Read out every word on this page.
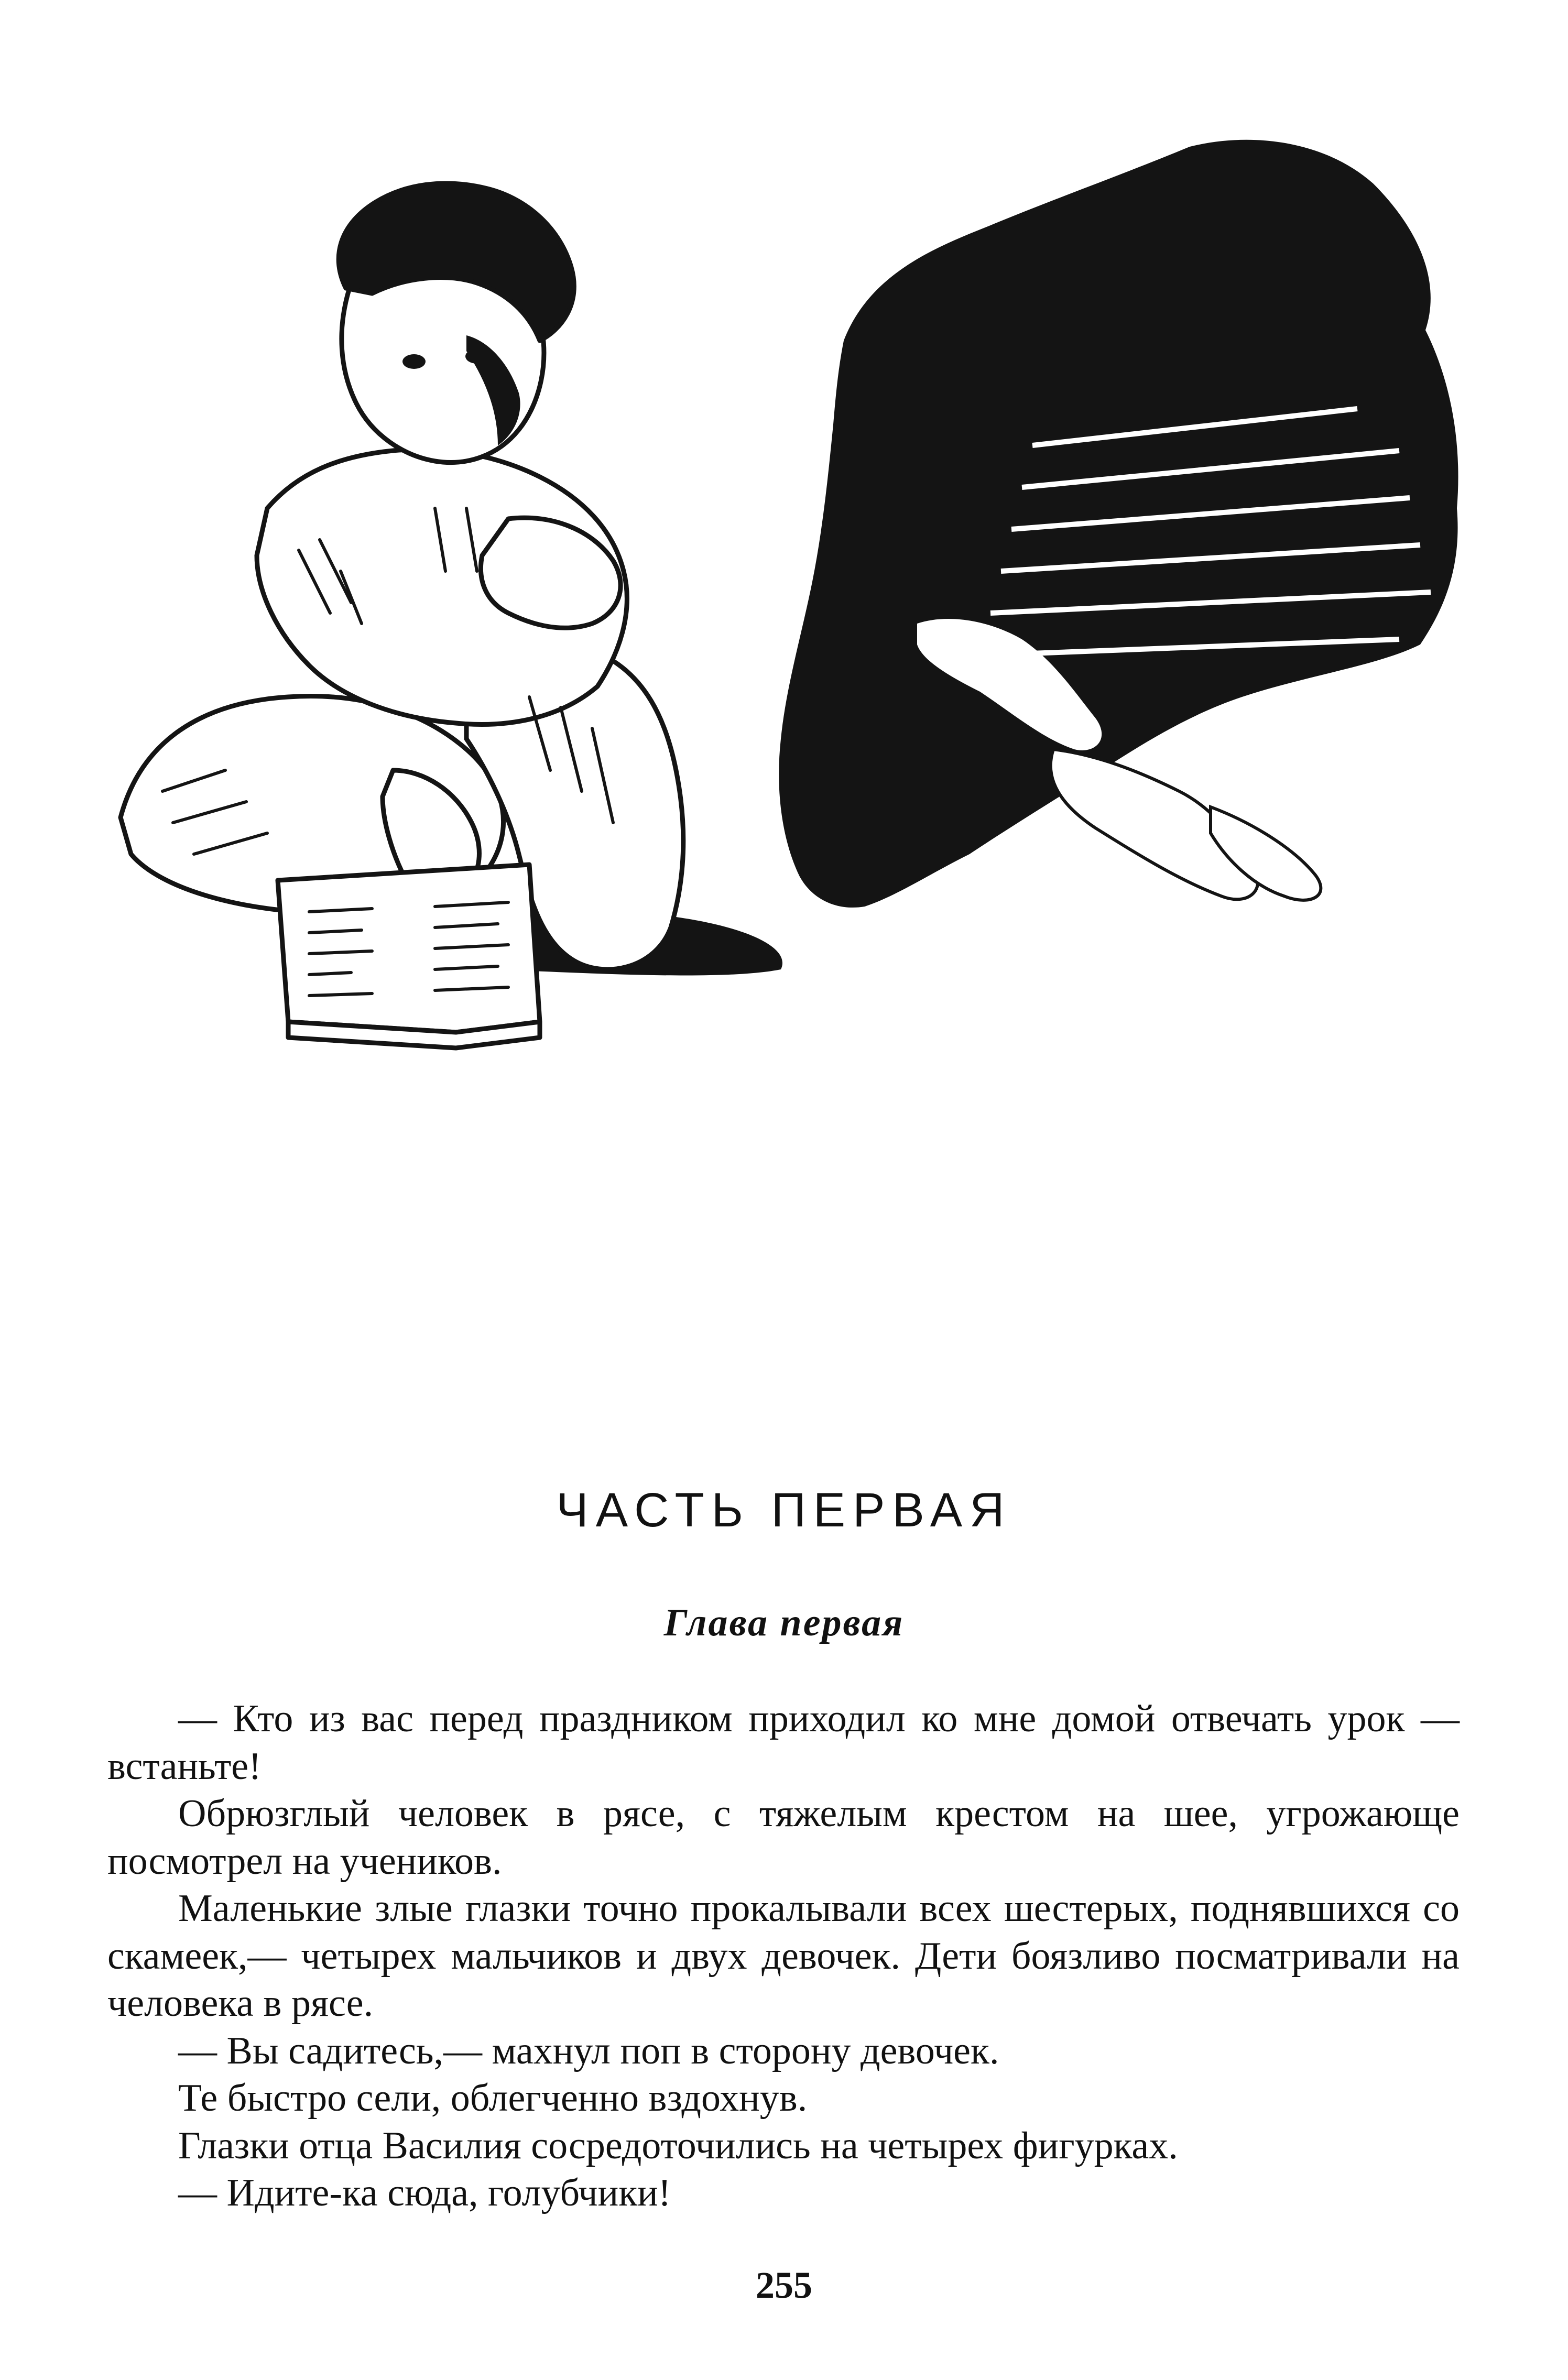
ЧАСТЬ ПЕРВАЯ
Глава первая

— Кто из вас перед праздником приходил ко мне домой отвечать урок — встаньте!

Обрюзглый человек в рясе, с тяжелым крестом на шее, угрожающе посмотрел на учеников.

Маленькие злые глазки точно прокалывали всех шестерых, поднявшихся со скамеек,— четырех мальчиков и двух девочек. Дети боязливо посматривали на человека в рясе.

— Вы садитесь,— махнул поп в сторону девочек.

Те быстро сели, облегченно вздохнув.

Глазки отца Василия сосредоточились на четырех фигурках.

— Идите-ка сюда, голубчики!

255
